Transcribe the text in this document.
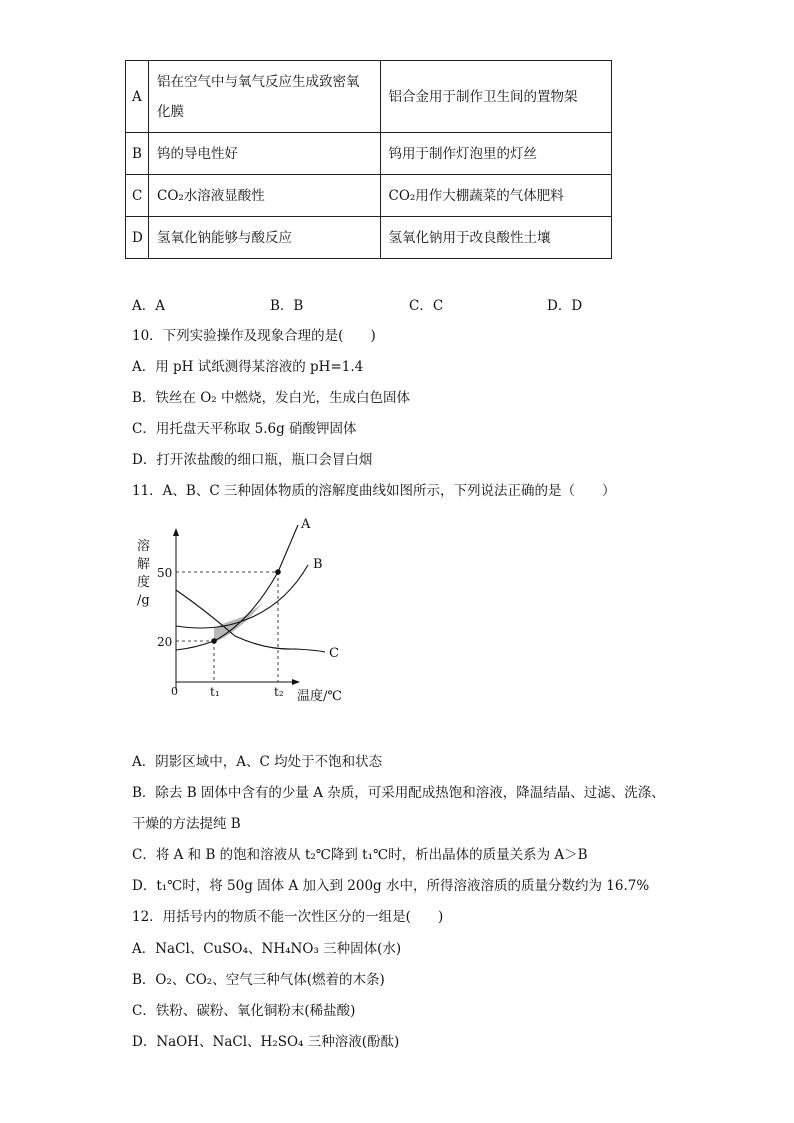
A	铝在空气中与氧气反应生成致密氧化膜	铝合金用于制作卫生间的置物架
B	钨的导电性好	钨用于制作灯泡里的灯丝
C	CO₂水溶液显酸性	CO₂用作大棚蔬菜的气体肥料
D	氢氧化钠能够与酸反应	氢氧化钠用于改良酸性土壤
A．A	B．B	C．C	D．D
10．下列实验操作及现象合理的是(　　)
A．用 pH 试纸测得某溶液的 pH=1.4
B．铁丝在 O₂ 中燃烧，发白光，生成白色固体
C．用托盘天平称取 5.6g 硝酸钾固体
D．打开浓盐酸的细口瓶，瓶口会冒白烟
11．A、B、C 三种固体物质的溶解度曲线如图所示，下列说法正确的是（　　）
溶
解
度
/g
50
20
0	t₁	t₂ 温度/℃
A
B
C
A．阴影区域中，A、C 均处于不饱和状态
B．除去 B 固体中含有的少量 A 杂质，可采用配成热饱和溶液，降温结晶、过滤、洗涤、
干燥的方法提纯 B
C．将 A 和 B 的饱和溶液从 t₂℃降到 t₁℃时，析出晶体的质量关系为 A＞B
D．t₁℃时，将 50g 固体 A 加入到 200g 水中，所得溶液溶质的质量分数约为 16.7%
12．用括号内的物质不能一次性区分的一组是(　　)
A．NaCl、CuSO₄、NH₄NO₃ 三种固体(水)
B．O₂、CO₂、空气三种气体(燃着的木条)
C．铁粉、碳粉、氧化铜粉末(稀盐酸)
D．NaOH、NaCl、H₂SO₄ 三种溶液(酚酞)
